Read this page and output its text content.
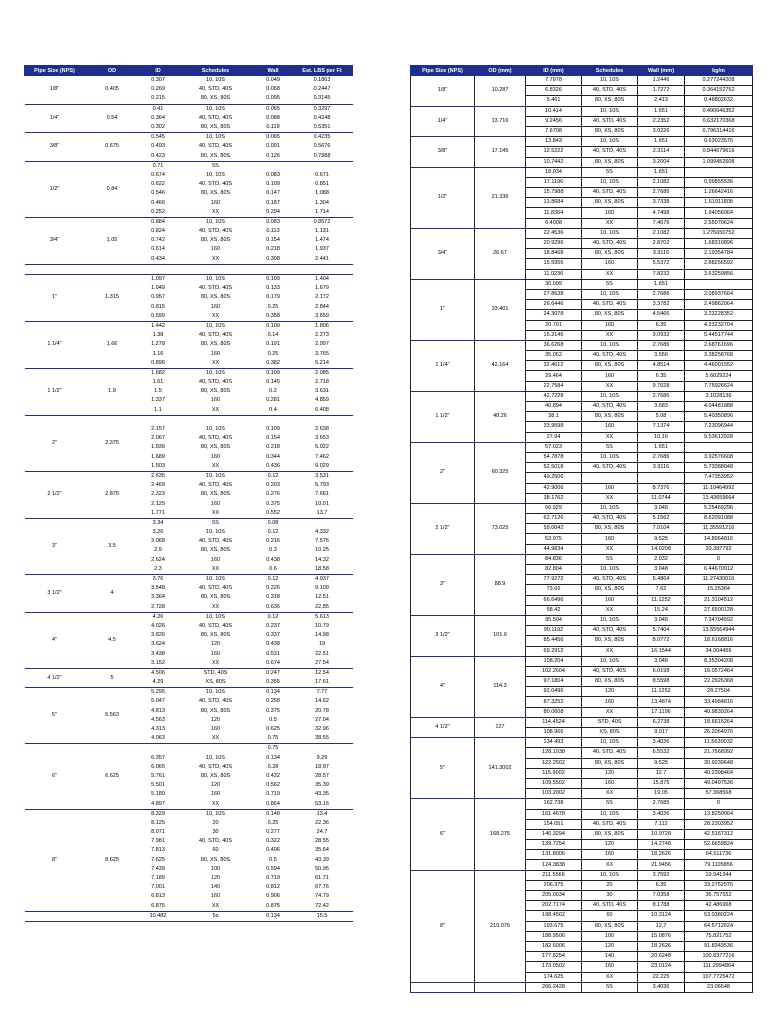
Pipe Size (NPS)	OD	ID	Schedules	Wall	Est. LBS per Ft
1/8"	0.405	0.307	10, 10S	0.049	0.1863
		0.269	40, STD, 40S	0.068	0.2447
		0.215	80, XS, 80S	0.095	0.3145
1/4"	0.54	0.41	10, 10S	0.065	0.3297
		0.364	40, STD, 40S	0.088	0.4248
		0.302	80, XS, 80S	0.119	0.5351
3/8"	0.675	0.545	10, 10S	0.065	0.4235
		0.493	40, STD, 40S	0.091	0.5676
		0.423	80, XS, 80S	0.126	0.7388
1/2"	0.84	0.71	5S		
		0.674	10, 10S	0.083	0.671
		0.622	40, STD, 40S	0.109	0.851
		0.546	80, XS, 80S	0.147	1.088
		0.466	160	0.187	1.304
		0.252	XX	0.294	1.714
3/4"	1.05	0.884	10, 10S	0.083	0.8572
		0.824	40, STD, 40S	0.113	1.131
		0.742	80, XS, 80S	0.154	1.474
		0.614	160	0.218	1.937
		0.434	XX	0.308	2.441

1"	1.315	1.097	10, 10S	0.109	1.404
		1.049	40, STD, 40S	0.133	1.679
		0.957	80, XS, 80S	0.179	2.172
		0.815	160	0.25	2.844
		0.599	XX	0.358	3.659
1 1/4"	1.66	1.442	10, 10S	0.109	1.806
		1.38	40, STD, 40S	0.14	2.273
		1.278	80, XS, 80S	0.191	2.997
		1.16	160	0.25	3.765
		0.896	XX	0.382	5.214
1 1/2"	1.9	1.682	10, 10S	0.109	2.085
		1.61	40, STD, 40S	0.145	2.718
		1.5	80, XS, 80S	0.2	3.631
		1.337	160	0.281	4.859
		1.1	XX	0.4	6.408
2"	2.375				
		2.157	10, 10S	0.109	2.638
		2.067	40, STD, 40S	0.154	3.653
		1.939	80, XS, 80S	0.218	5.022
		1.689	160	0.344	7.462
		1.503	XX	0.436	9.029
2 1/2"	2.875	2.635	10, 10S	0.12	3.531
		2.469	40, STD, 40S	0.203	5.793
		2.323	80, XS, 80S	0.276	7.661
		2.125	160	0.375	10.01
		1.771	XX	0.552	13.7
3"	3.5	3.34	5S	0.08	
		3.26	10, 10S	0.12	4.332
		3.068	40, STD, 40S	0.216	7.576
		2.9	80, XS, 80S	0.3	10.25
		2.624	160	0.438	14.32
		2.3	XX	0.6	18.58
3 1/2"	4	3.76	10, 10S	0.12	4.937
		3.548	40, STD, 40S	0.226	9.109
		3.364	80, XS, 80S	0.318	12.51
		2.728	XX	0.636	22.85
4"	4.5	4.26	10, 10S	0.12	5.613
		4.026	40, STD, 40S	0.237	10.79
		3.826	80, XS, 80S	0.337	14.98
		3.624	120	0.438	19
		3.438	160	0.531	22.51
		3.152	XX	0.674	27.54
4 1/2"	5	4.506	STD, 40S	0.247	12.54
		4.29	XS, 80S	0.355	17.61
5"	5.563	5.295	10, 10S	0.134	7.77
		5.047	40, STD, 40S	0.258	14.62
		4.813	80, XS, 80S	0.375	20.78
		4.563	120	0.5	27.04
		4.313	160	0.625	32.96
		4.063	XX	0.75	38.55
6"	6.625			0.75	
		6.357	10, 10S	0.134	9.29
		6.065	40, STD, 40S	0.28	18.97
		5.761	80, XS, 80S	0.432	28.57
		5.501	120	0.562	35.39
		5.189	160	0.719	43.35
		4.897	XX	0.864	53.16
8"	8.625	8.329	10, 10S	0.148	13.4
		8.125	20	0.25	22.36
		8.071	30	0.277	24.7
		7.981	40, STD, 40S	0.322	28.55
		7.813	60	0.406	35.64
		7.625	80, XS, 80S	0.5	43.39
		7.439	100	0.594	50.95
		7.189	120	0.719	61.71
		7.001	140	0.812	67.76
		6.813	160	0.906	74.79
		6.875	XX	0.875	72.42
		10.482	5s	0.134	15.5
Pipe Size (NPS)	OD (mm)	ID (mm)	Schedules	Wall (mm)	kg/m
1/8"	10.287	7.7978	10, 10S	1.2446	0.277244208
		6.8326	40, STD, 40S	1.7272	0.364152752
		5.461	80, XS, 80S	2.413	0.46802632
1/4"	13.716	10.414	10, 10S	1.651	0.490646352
		9.2456	40, STD, 40S	2.2352	0.632170368
		7.6708	80, XS, 80S	3.0226	0.796314416
3/8"	17.145	13.843	10, 10S	1.651	0.63023576
		12.5222	40, STD, 40S	2.3114	0.844679616
		10.7442	80, XS, 80S	3.2004	1.099452608
1/2"	21.336	18.034	5S	1.651	
		17.1196	10, 10S	2.1082	0.99855536
		15.7988	40, STD, 40S	2.7686	1.26642416
		13.8684	80, XS, 80S	3.7338	1.61911808
		11.8364	160	4.7498	1.94056064
		6.4008	XX	7.4676	2.55070624
3/4"	26.67	22.4536	10, 10S	2.1082	1.275650752
		20.9296	40, STD, 40S	2.8702	1.68310896
		18.8468	80, XS, 80S	3.9116	2.19354784
		15.5956	160	5.5372	2.88256592
		11.0236	XX	7.8232	3.63259856
1"	33.401	30.099	5S	1.651	
		27.8638	10, 10S	2.7686	2.08937664
		26.6446	40, STD, 40S	3.3782	2.49862064
		24.3078	80, XS, 80S	4.5466	3.23228352
		20.701	160	6.35	4.23232704
		15.2146	XX	9.0932	5.44517744
1 1/4"	42.164	36.6268	10, 10S	2.7686	2.68761696
		35.052	40, STD, 40S	3.556	3.38258768
		32.4612	80, XS, 80S	4.8514	4.46001552
		29.464	160	6.35	5.6029224
		22.7584	XX	9.7028	7.75926624
1 1/2"	48.26	42.7228	10, 10S	2.7686	3.1028136
		40.894	40, STD, 40S	3.683	4.04481888
		38.1	80, XS, 80S	5.08	5.40350896
		33.9598	160	7.1374	7.23096944
		27.94	XX	10.16	9.53612928
2"	60.325	57.023	5S	1.651	
		54.7878	10, 10S	2.7686	3.92576608
		52.5018	40, STD, 40S	3.9116	5.73388048
		49.2506			7.47353952
		42.9006	160	8.7376	11.10464992
		38.1762	XX	11.0744	13.43659664
2 1/2"	73.025	66.929	10, 10S	3.048	5.25469296
		62.7126	40, STD, 40S	5.1562	8.62091088
		59.0042	80, XS, 80S	7.0104	11.35591216
		53.975	160	9.525	14.8964816
		44.9834	XX	14.0208	20.387792
3"	88.9	84.836	5S	2.032	0
		82.804	10, 10S	3.048	6.44670912
		77.9272	40, STD, 40S	5.4864	11.27430016
		73.66	80, XS, 80S	7.62	15.25364
		66.6496	160	11.1252	21.3104512
		58.42	XX	15.24	27.6500128
3 1/2"	101.6	95.504	10, 10S	3.048	7.34704592
		90.1192	40, STD, 40S	5.7404	13.55564944
		85.4456	80, XS, 80S	8.0772	18.6168816
		69.2912	XX	16.1544	34.004456
4"	114.3	108.204	10, 10S	3.048	8.35304208
		102.2604	40, STD, 40S	6.0198	16.0572464
		97.1804	80, XS, 80S	8.5598	22.2926368
		92.0496	120	11.1252	28.27504
		87.3252	160	13.4874	33.4984816
		80.0608	XX	17.1196	40.9839264
4 1/2"	127	114.4524	STD, 40S	6.2738	18.6615264
		108.966	XS, 80S	9.017	26.2064976
5"	141.3002	134.493	10, 10S	3.4036	11.5630032
		128.1938	40, STD, 40S	6.5532	21.7568992
		122.2502	80, XS, 80S	9.525	30.9239648
		115.9002	120	12.7	40.2398464
		109.5502	160	15.875	49.0497536
		103.2002	XX	19.05	57.368568
6"	168.275	162.738	5S	2.7685	0
		161.4678	10, 10S	3.4036	13.8250064
		154.051	40, STD, 40S	7.112	28.2303952
		146.3294	80, XS, 80S	10.9728	42.5167312
		139.7254	120	14.2748	52.6659824
		131.8006	160	18.2626	64.511736
		124.3838	XX	21.9456	79.1105856
8"	219.075	211.5566	10, 10S	3.7592	19.941344
		206.375	20	6.35	33.2752576
		205.0034	30	7.0358	36.757552
		202.7174	40, STD, 40S	8.1788	42.486968
		198.4502	60	10.3124	53.0380224
		193.675	80, XS, 80S	12.7	64.5712624
		188.9506	100	15.0876	75.821752
		182.6006	120	18.2626	91.8343536
		177.8254	140	20.6248	100.8377216
		173.0502	160	23.0124	111.2994864
		174.625	XX	22.225	107.7725472
		266.2428	5S	3.4036	23.06648
